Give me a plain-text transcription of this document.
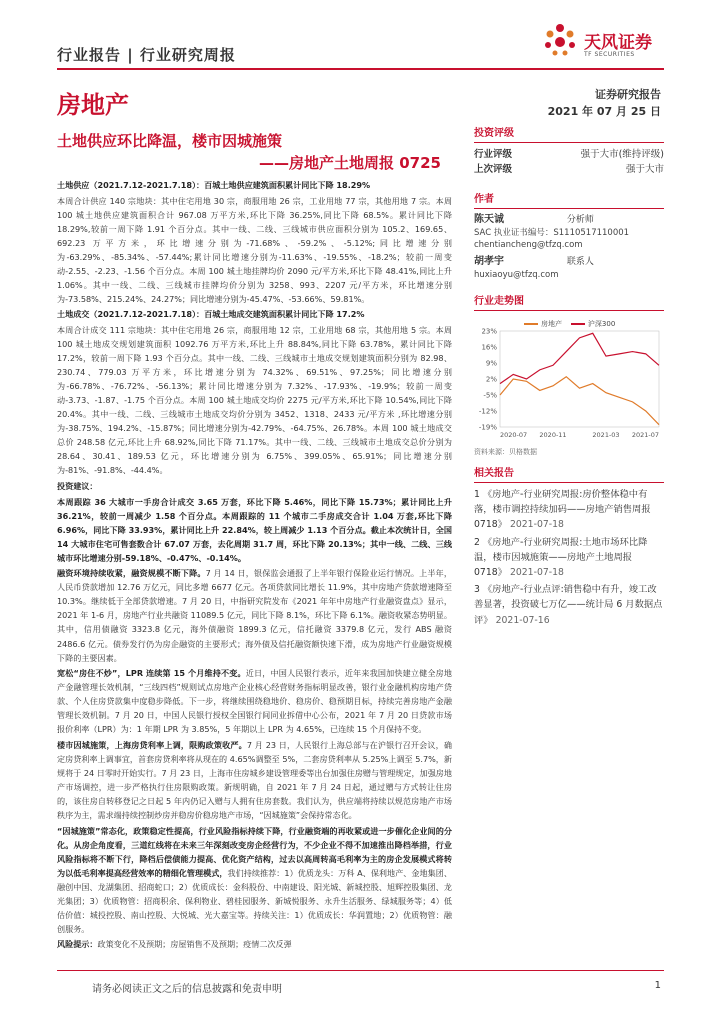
行业报告 | 行业研究周报
天风证券
TF SECURITIES
房地产	证券研究报告
2021 年 07 月 25 日
土地供应环比降温，楼市因城施策
——房地产土地周报 0725

土地供应（2021.7.12-2021.7.18）：百城土地供应建筑面积累计同比下降 18.29%

本周合计供应 140 宗地块：其中住宅用地 30 宗，商服用地 26 宗，工业用地 77 宗，其他用地 7 宗。本周 100 城土地供应建筑面积合计 967.08 万平方米,环比下降 36.25%,同比下降 68.5%。累计同比下降 18.29%,较前一周下降 1.91 个百分点。其中一线、二线、三线城市供应面积分别为 105.2、169.65、692.23 万平方米，环比增速分别为-71.68%、-59.2%、-5.12%;同比增速分别为-63.29%、-85.34%、-57.44%;累计同比增速分别为-11.63%、-19.55%、-18.2%；较前一周变动-2.55、-2.23、-1.56 个百分点。本周 100 城土地挂牌均价 2090 元/平方米,环比下降 48.41%,同比上升 1.06%。其中一线、二线、三线城市挂牌均价分别为 3258、993、2207 元/平方米，环比增速分别为-73.58%、215.24%、24.27%；同比增速分别为-45.47%、-53.66%、59.81%。

土地成交（2021.7.12-2021.7.18）：百城土地成交建筑面积累计同比下降 17.2%

本周合计成交 111 宗地块：其中住宅用地 26 宗，商服用地 12 宗，工业用地 68 宗，其他用地 5 宗。本周 100 城土地成交规划建筑面积 1092.76 万平方米,环比上升 88.84%,同比下降 63.78%，累计同比下降 17.2%，较前一周下降 1.93 个百分点。其中一线、二线、三线城市土地成交规划建筑面积分别为 82.98、230.74、779.03 万平方米，环比增速分别为 74.32%、69.51%、97.25%；同比增速分别为-66.78%、-76.72%、-56.13%；累计同比增速分别为 7.32%、-17.93%、-19.9%；较前一周变动-3.73、-1.87、-1.75 个百分点。本周 100 城土地成交均价 2275 元/平方米,环比下降 10.54%,同比下降 20.4%。其中一线、二线、三线城市土地成交均价分别为 3452、1318、2433 元/平方米 ,环比增速分别为-38.75%、194.2%、-15.87%；同比增速分别为-42.79%、-64.75%、26.78%。本周 100 城土地成交总价 248.58 亿元,环比上升 68.92%,同比下降 71.17%。其中一线、二线、三线城市土地成交总价分别为 28.64、30.41、189.53 亿元，环比增速分别为 6.75%、399.05%、65.91%；同比增速分别为-81%、-91.8%、-44.4%。

投资建议：

本周跟踪 36 大城市一手房合计成交 3.65 万套，环比下降 5.46%，同比下降 15.73%；累计同比上升 36.21%，较前一周减少 1.58 个百分点。本周跟踪的 11 个城市二手房成交合计 1.04 万套,环比下降 6.96%，同比下降 33.93%，累计同比上升 22.84%，较上周减少 1.13 个百分点。截止本次统计日，全国 14 大城市住宅可售套数合计 67.07 万套，去化周期 31.7 周，环比下降 20.13%；其中一线、二线、三线城市环比增速分别-59.18%、-0.47%、-0.14%。

融资环境持续收紧，融资规模不断下降。7 月 14 日，银保监会通报了上半年银行保险业运行情况。上半年，人民币贷款增加 12.76 万亿元，同比多增 6677 亿元。各项贷款同比增长 11.9%，其中房地产贷款增速降至 10.3%。继续低于全部贷款增速。7 月 20 日，中指研究院发布《2021 年年中房地产行业融资盘点》显示，2021 年 1-6 月，房地产行业共融资 11089.5 亿元，同比下降 8.1%，环比下降 6.1%。融资收紧态势明显。其中，信用债融资 3323.8 亿元，海外债融资 1899.3 亿元，信托融资 3379.8 亿元，发行 ABS 融资 2486.6 亿元。债券发行仍为房企融资的主要形式；海外债及信托融资额快速下滑，成为房地产行业融资规模下降的主要因素。

宽松“房住不炒”，LPR 连续第 15 个月维持不变。近日，中国人民银行表示，近年来我国加快建立健全房地产金融管理长效机制，“三线四档”规则试点房地产企业核心经营财务指标明显改善，银行业金融机构房地产贷款、个人住房贷款集中度稳步降低。下一步，将继续围绕稳地价、稳房价、稳预期目标，持续完善房地产金融管理长效机制。7 月 20 日，中国人民银行授权全国银行间同业拆借中心公布，2021 年 7 月 20 日贷款市场报价利率（LPR）为：1 年期 LPR 为 3.85%，5 年期以上 LPR 为 4.65%，已连续 15 个月保持不变。

楼市因城施策，上海房贷利率上调，限购政策收严。7 月 23 日，人民银行上海总部与在沪银行召开会议，确定房贷利率上调事宜，首套房贷利率将从现在的 4.65%调整至 5%，二套房贷利率从 5.25%上调至 5.7%，新规将于 24 日零时开始实行。7 月 23 日，上海市住房城乡建设管理委等出台加强住房赠与管理规定，加强房地产市场调控，进一步严格执行住房限购政策。新规明确，自 2021 年 7 月 24 日起，通过赠与方式转让住房的，该住房自转移登记之日起 5 年内仍记入赠与人拥有住房套数。我们认为，供应端将持续以规范房地产市场秩序为主，需求端持续控制炒房并稳房价稳房地产市场，“因城施策”会保持常态化。

“因城施策”常态化，政策稳定性提高，行业风险指标持续下降，行业融资端的再收紧或进一步催化企业间的分化。从房企角度看，三道红线将在未来三年深刻改变房企经营行为，不少企业不得不加速推出降档举措，行业风险指标将不断下行，降档后偿债能力提高、优化资产结构，过去以高周转高毛利率为主的房企发展模式将转为以低毛利率提高经营效率的精细化管理模式，我们持续推荐：1）优质龙头：万科 A、保利地产、金地集团、融创中国、龙湖集团、招商蛇口；2）优质成长：金科股份、中南建设、阳光城、新城控股、旭辉控股集团、龙光集团；3）优质物管：招商积余、保利物业、碧桂园服务、新城悦服务、永升生活服务、绿城服务等；4）低估价值：城投控股、南山控股、大悦城、光大嘉宝等。持续关注：1）优质成长：华润置地；2）优质物管：融创服务。

风险提示：政策变化不及预期；房屋销售不及预期；疫情二次反弹

投资评级
行业评级	强于大市(维持评级)
上次评级	强于大市
作者
陈天诚	分析师
SAC 执业证书编号：S1110517110001
chentiancheng@tfzq.com
胡孝宇	联系人
huxiaoyu@tfzq.com
行业走势图
房地产	沪深300
23%
16%
9%
2%
-5%
-12%
-19%
2020-07 2020-11	2021-03 2021-07
资料来源：贝格数据
相关报告
1 《房地产-行业研究周报:房价整体稳中有落，楼市调控持续加码——房地产销售周报 0718》 2021-07-18
2 《房地产-行业研究周报:土地市场环比降温，楼市因城施策——房地产土地周报 0718》 2021-07-18
3 《房地产-行业点评:销售稳中有升，竣工改善显著，投资破七万亿——统计局 6 月数据点评》 2021-07-16
请务必阅读正文之后的信息披露和免责申明	1
